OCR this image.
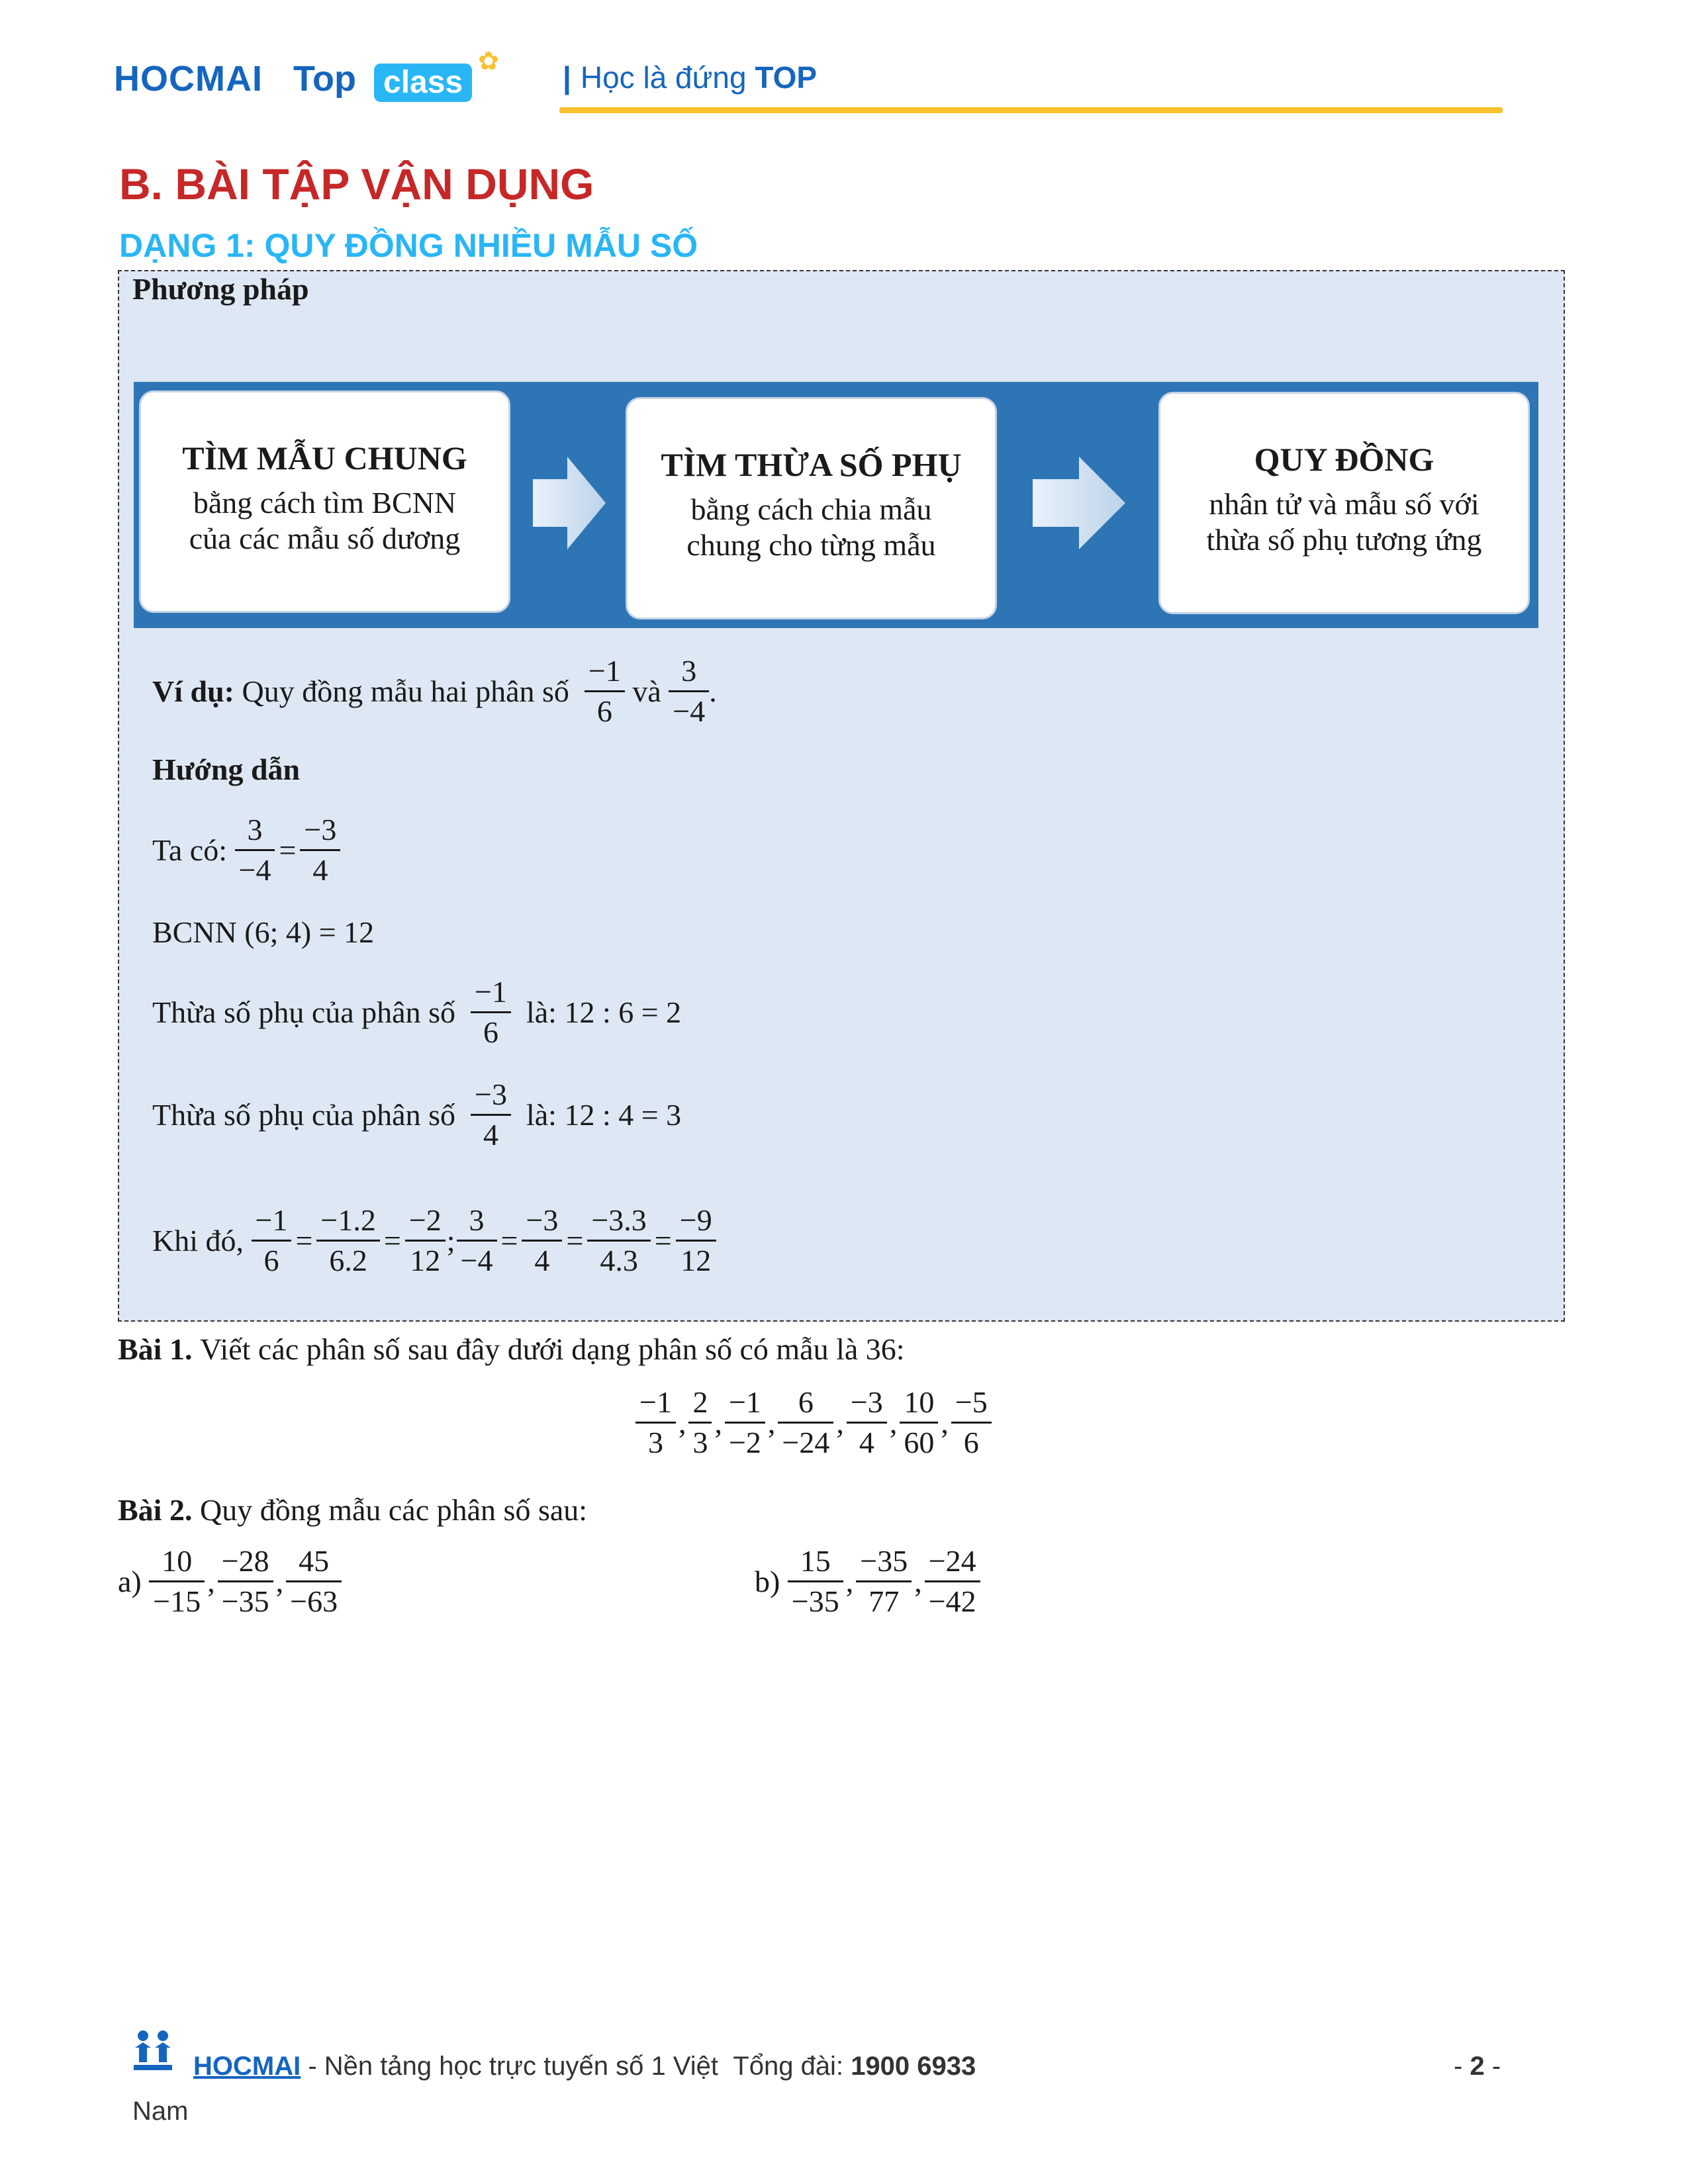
HOCMAI Top class
✿ | Học là đứng TOP
B. BÀI TẬP VẬN DỤNG
DẠNG 1: QUY ĐỒNG NHIỀU MẪU SỐ
Phương pháp
TÌM MẪU CHUNG
bằng cách tìm BCNN
của các mẫu số dương
TÌM THỪA SỐ PHỤ
bằng cách chia mẫu
chung cho từng mẫu
QUY ĐỒNG
nhân tử và mẫu số với
thừa số phụ tương ứng
Ví dụ:
Quy đồng mẫu hai phân số
$\frac{-1}{6}$
và
$\frac{3}{-4}$ .
Hướng dẫn
Ta có:
$\frac{3}{-4} = \frac{-3}{4}$
BCNN (6; 4) = 12
Thừa số phụ của phân số
$\frac{-1}{6}$
là:
12 : 6 = 2
Thừa số phụ của phân số
$\frac{-3}{4}$
là:
12 : 4 = 3
Khi đó,
$\frac{-1}{6} = \frac{-1.2}{6.2} = \frac{-2}{12}$ ; $\frac{3}{-4} = \frac{-3}{4} = \frac{-3.3}{4.3} = \frac{-9}{12}$
Bài 1.
Viết các phân số sau đây dưới dạng phân số có mẫu là 36:
$\frac{-1}{3}$ , $\frac{2}{3}$ , $\frac{-1}{-2}$ , $\frac{6}{-24}$ , $\frac{-3}{4}$ , $\frac{10}{60}$ , $\frac{-5}{6}$
Bài 2.
Quy đồng mẫu các phân số sau:
a)
$\frac{10}{-15}$ , $\frac{-28}{-35}$ , $\frac{45}{-63}$	b)
$\frac{15}{-35}$ , $\frac{-35}{77}$ , $\frac{-24}{-42}$
HOCMAI - Nền tảng học trực tuyến số 1 Việt Tổng đài: 1900 6933	- 2 -
Nam
